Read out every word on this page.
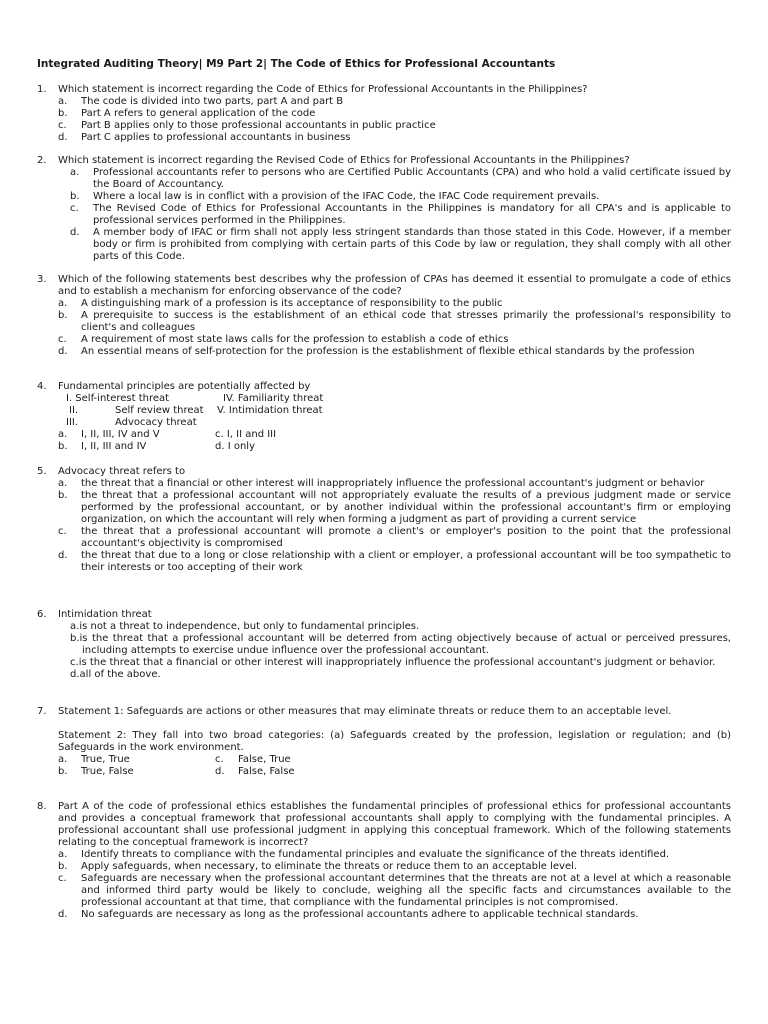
Integrated Auditing Theory| M9 Part 2| The Code of Ethics for Professional Accountants
1. Which statement is incorrect regarding the Code of Ethics for Professional Accountants in the Philippines?
a. The code is divided into two parts, part A and part B
b. Part A refers to general application of the code
c. Part B applies only to those professional accountants in public practice
d. Part C applies to professional accountants in business
2. Which statement is incorrect regarding the Revised Code of Ethics for Professional Accountants in the Philippines?
a. Professional accountants refer to persons who are Certified Public Accountants (CPA) and who hold a valid certificate issued by the Board of Accountancy.
b. Where a local law is in conflict with a provision of the IFAC Code, the IFAC Code requirement prevails.
c. The Revised Code of Ethics for Professional Accountants in the Philippines is mandatory for all CPA's and is applicable to professional services performed in the Philippines.
d. A member body of IFAC or firm shall not apply less stringent standards than those stated in this Code. However, if a member body or firm is prohibited from complying with certain parts of this Code by law or regulation, they shall comply with all other parts of this Code.
3. Which of the following statements best describes why the profession of CPAs has deemed it essential to promulgate a code of ethics and to establish a mechanism for enforcing observance of the code?
a. A distinguishing mark of a profession is its acceptance of responsibility to the public
b. A prerequisite to success is the establishment of an ethical code that stresses primarily the professional's responsibility to client's and colleagues
c. A requirement of most state laws calls for the profession to establish a code of ethics
d. An essential means of self-protection for the profession is the establishment of flexible ethical standards by the profession
4. Fundamental principles are potentially affected by
I. Self-interest threat	IV. Familiarity threat
II.	Self review threat V. Intimidation threat
III.	Advocacy threat
a. I, II, III, IV and V	c. I, II and III
b. I, II, III and IV	d. I only
5. Advocacy threat refers to
a. the threat that a financial or other interest will inappropriately influence the professional accountant's judgment or behavior
b. the threat that a professional accountant will not appropriately evaluate the results of a previous judgment made or service performed by the professional accountant, or by another individual within the professional accountant's firm or employing organization, on which the accountant will rely when forming a judgment as part of providing a current service
c. the threat that a professional accountant will promote a client's or employer's position to the point that the professional accountant's objectivity is compromised
d. the threat that due to a long or close relationship with a client or employer, a professional accountant will be too sympathetic to their interests or too accepting of their work
6. Intimidation threat
a.is not a threat to independence, but only to fundamental principles.
b.is the threat that a professional accountant will be deterred from acting objectively because of actual or perceived pressures, including attempts to exercise undue influence over the professional accountant.
c.is the threat that a financial or other interest will inappropriately influence the professional accountant's judgment or behavior.
d.all of the above.
7. Statement 1: Safeguards are actions or other measures that may eliminate threats or reduce them to an acceptable level.
Statement 2: They fall into two broad categories: (a) Safeguards created by the profession, legislation or regulation; and (b) Safeguards in the work environment.
a. True, True	c. False, True
b. True, False	d. False, False
8. Part A of the code of professional ethics establishes the fundamental principles of professional ethics for professional accountants and provides a conceptual framework that professional accountants shall apply to complying with the fundamental principles. A professional accountant shall use professional judgment in applying this conceptual framework. Which of the following statements relating to the conceptual framework is incorrect?
a. Identify threats to compliance with the fundamental principles and evaluate the significance of the threats identified.
b. Apply safeguards, when necessary, to eliminate the threats or reduce them to an acceptable level.
c. Safeguards are necessary when the professional accountant determines that the threats are not at a level at which a reasonable and informed third party would be likely to conclude, weighing all the specific facts and circumstances available to the professional accountant at that time, that compliance with the fundamental principles is not compromised.
d. No safeguards are necessary as long as the professional accountants adhere to applicable technical standards.
